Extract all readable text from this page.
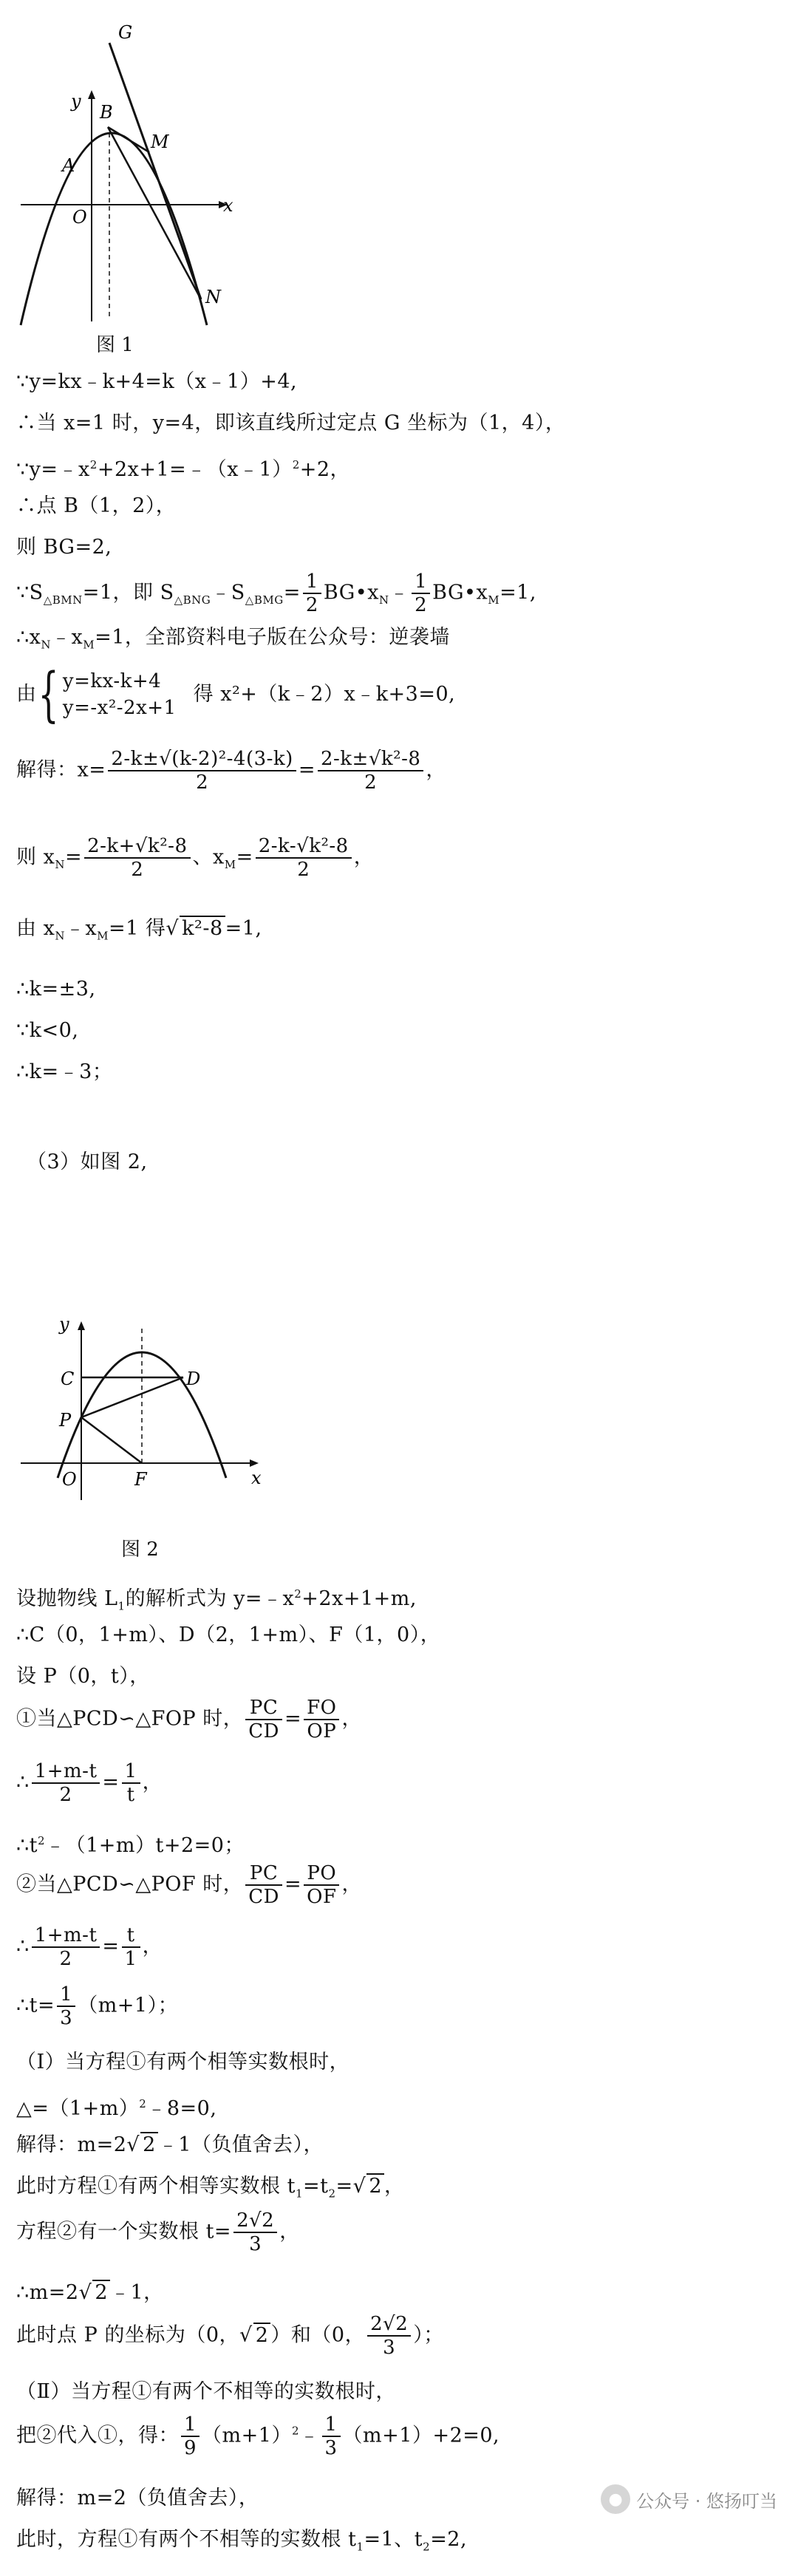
G
y
B
M
A
O
x
N
图 1
∵y=kx﹣k+4=k（x﹣1）+4,
∴当 x=1 时，y=4，即该直线所过定点 G 坐标为（1，4），
$\because y=﹣x^2+2x+1=﹣(x﹣1)^2+2$，
∴点 B（1，2），
则 BG=2,
$\because S_{\triangle BMN}=1$，即 $S_{\triangle BNG}﹣S_{\triangle BMG}= \frac{1}{2}$ $BG•x_N﹣ \frac{1}{2}$ $BG•x_M=1$,
$\therefore x_N﹣x_M=1$，全部资料电子版在公众号：逆袭墙
由 { y=kx-k+4
y=-x²-2x+1
得 x²+（k﹣2）x﹣k+3=0,
解得：$x= \frac{\text{2-k±√(k-2)²-4(3-k)}}{2} = \frac{\text{2-k±√k²-8}}{2}$ ，
则 $x_N= \frac{\text{2-k+√k²-8}}{2}$ 、$x_M= \frac{\text{2-k-√k²-8}}{2}$ ，
由 $x_N﹣x_M=1$ 得√ k²-8 =1,
∴k=±3,
∵k<0,
∴k=﹣3；
（3）如图 2,
y
C	D
P
O	F	x
图 2
设抛物线 $L_1$的解析式为 $y=﹣x^2+2x+1+m$,
∴C（0，1+m）、D（2，1+m）、F（1，0），
设 P（0，t），
①当△PCD∽△FOP 时， $\frac{PC}{CD} = \frac{FO}{OP}$ ，
∴ $\frac{1+m-t}{2} = \frac{1}{t}$ ，
$\therefore t^2﹣(1+m)t+2=0$；
②当△PCD∽△POF 时， $\frac{PC}{CD} = \frac{PO}{OF}$ ，
∴ $\frac{1+m-t}{2} = \frac{t}{1}$ ，
∴t= $\frac{1}{3} (m+1)$；
（Ⅰ）当方程①有两个相等实数根时，
$\triangle=(1+m)^2﹣8=0$,
解得：m=2√ 2 ﹣1（负值舍去），
此时方程①有两个相等实数根 $t_1=t_2=√$ 2 ，
方程②有一个实数根 $t= \frac{2√2}{3}$ ，
∴m=2√ 2 ﹣1，
此时点 P 的坐标为（0，√ 2 ）和（0， $\frac{2√2}{3}$ ）；
（Ⅱ）当方程①有两个不相等的实数根时，
把②代入①，得： $\frac{1}{9}$ $(m+1)^2﹣ \frac{1}{3} (m+1)+2=0$,
解得：m=2（负值舍去），
此时，方程①有两个不相等的实数根 $t_1=1$、$t_2=2$,
● 公众号 · 悠扬叮当
